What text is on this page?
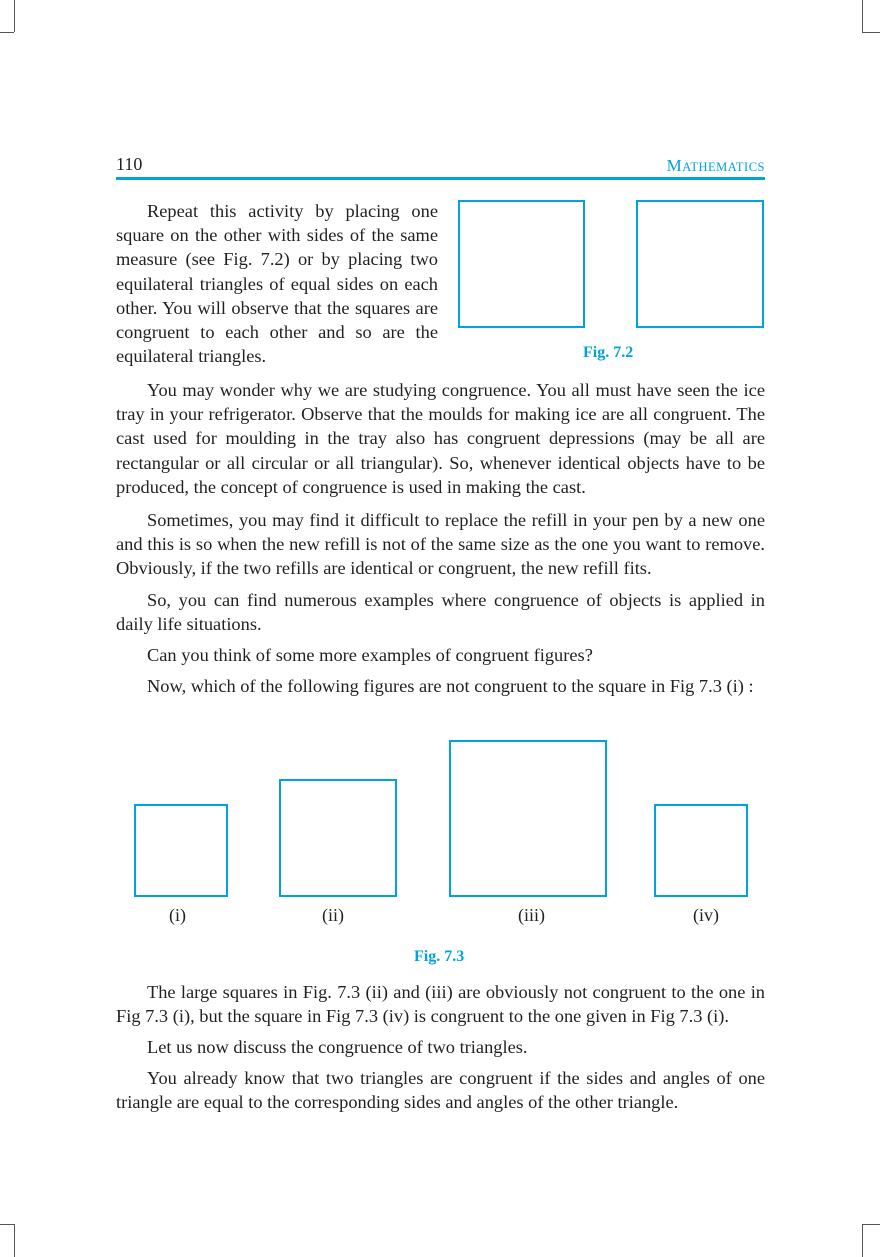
110	MATHEMATICS

Repeat this activity by placing one square on the other with sides of the same measure (see Fig. 7.2) or by placing two equilateral triangles of equal sides on each other. You will observe that the squares are congruent to each other and so are the equilateral triangles.	Fig. 7.2

You may wonder why we are studying congruence. You all must have seen the ice tray in your refrigerator. Observe that the moulds for making ice are all congruent. The cast used for moulding in the tray also has congruent depressions (may be all are rectangular or all circular or all triangular). So, whenever identical objects have to be produced, the concept of congruence is used in making the cast.

Sometimes, you may find it difficult to replace the refill in your pen by a new one and this is so when the new refill is not of the same size as the one you want to remove. Obviously, if the two refills are identical or congruent, the new refill fits.

So, you can find numerous examples where congruence of objects is applied in daily life situations.

Can you think of some more examples of congruent figures?

Now, which of the following figures are not congruent to the square in Fig 7.3 (i) :

(i)	(ii)	(iii)	(iv)
Fig. 7.3

The large squares in Fig. 7.3 (ii) and (iii) are obviously not congruent to the one in Fig 7.3 (i), but the square in Fig 7.3 (iv) is congruent to the one given in Fig 7.3 (i).

Let us now discuss the congruence of two triangles.

You already know that two triangles are congruent if the sides and angles of one triangle are equal to the corresponding sides and angles of the other triangle.
